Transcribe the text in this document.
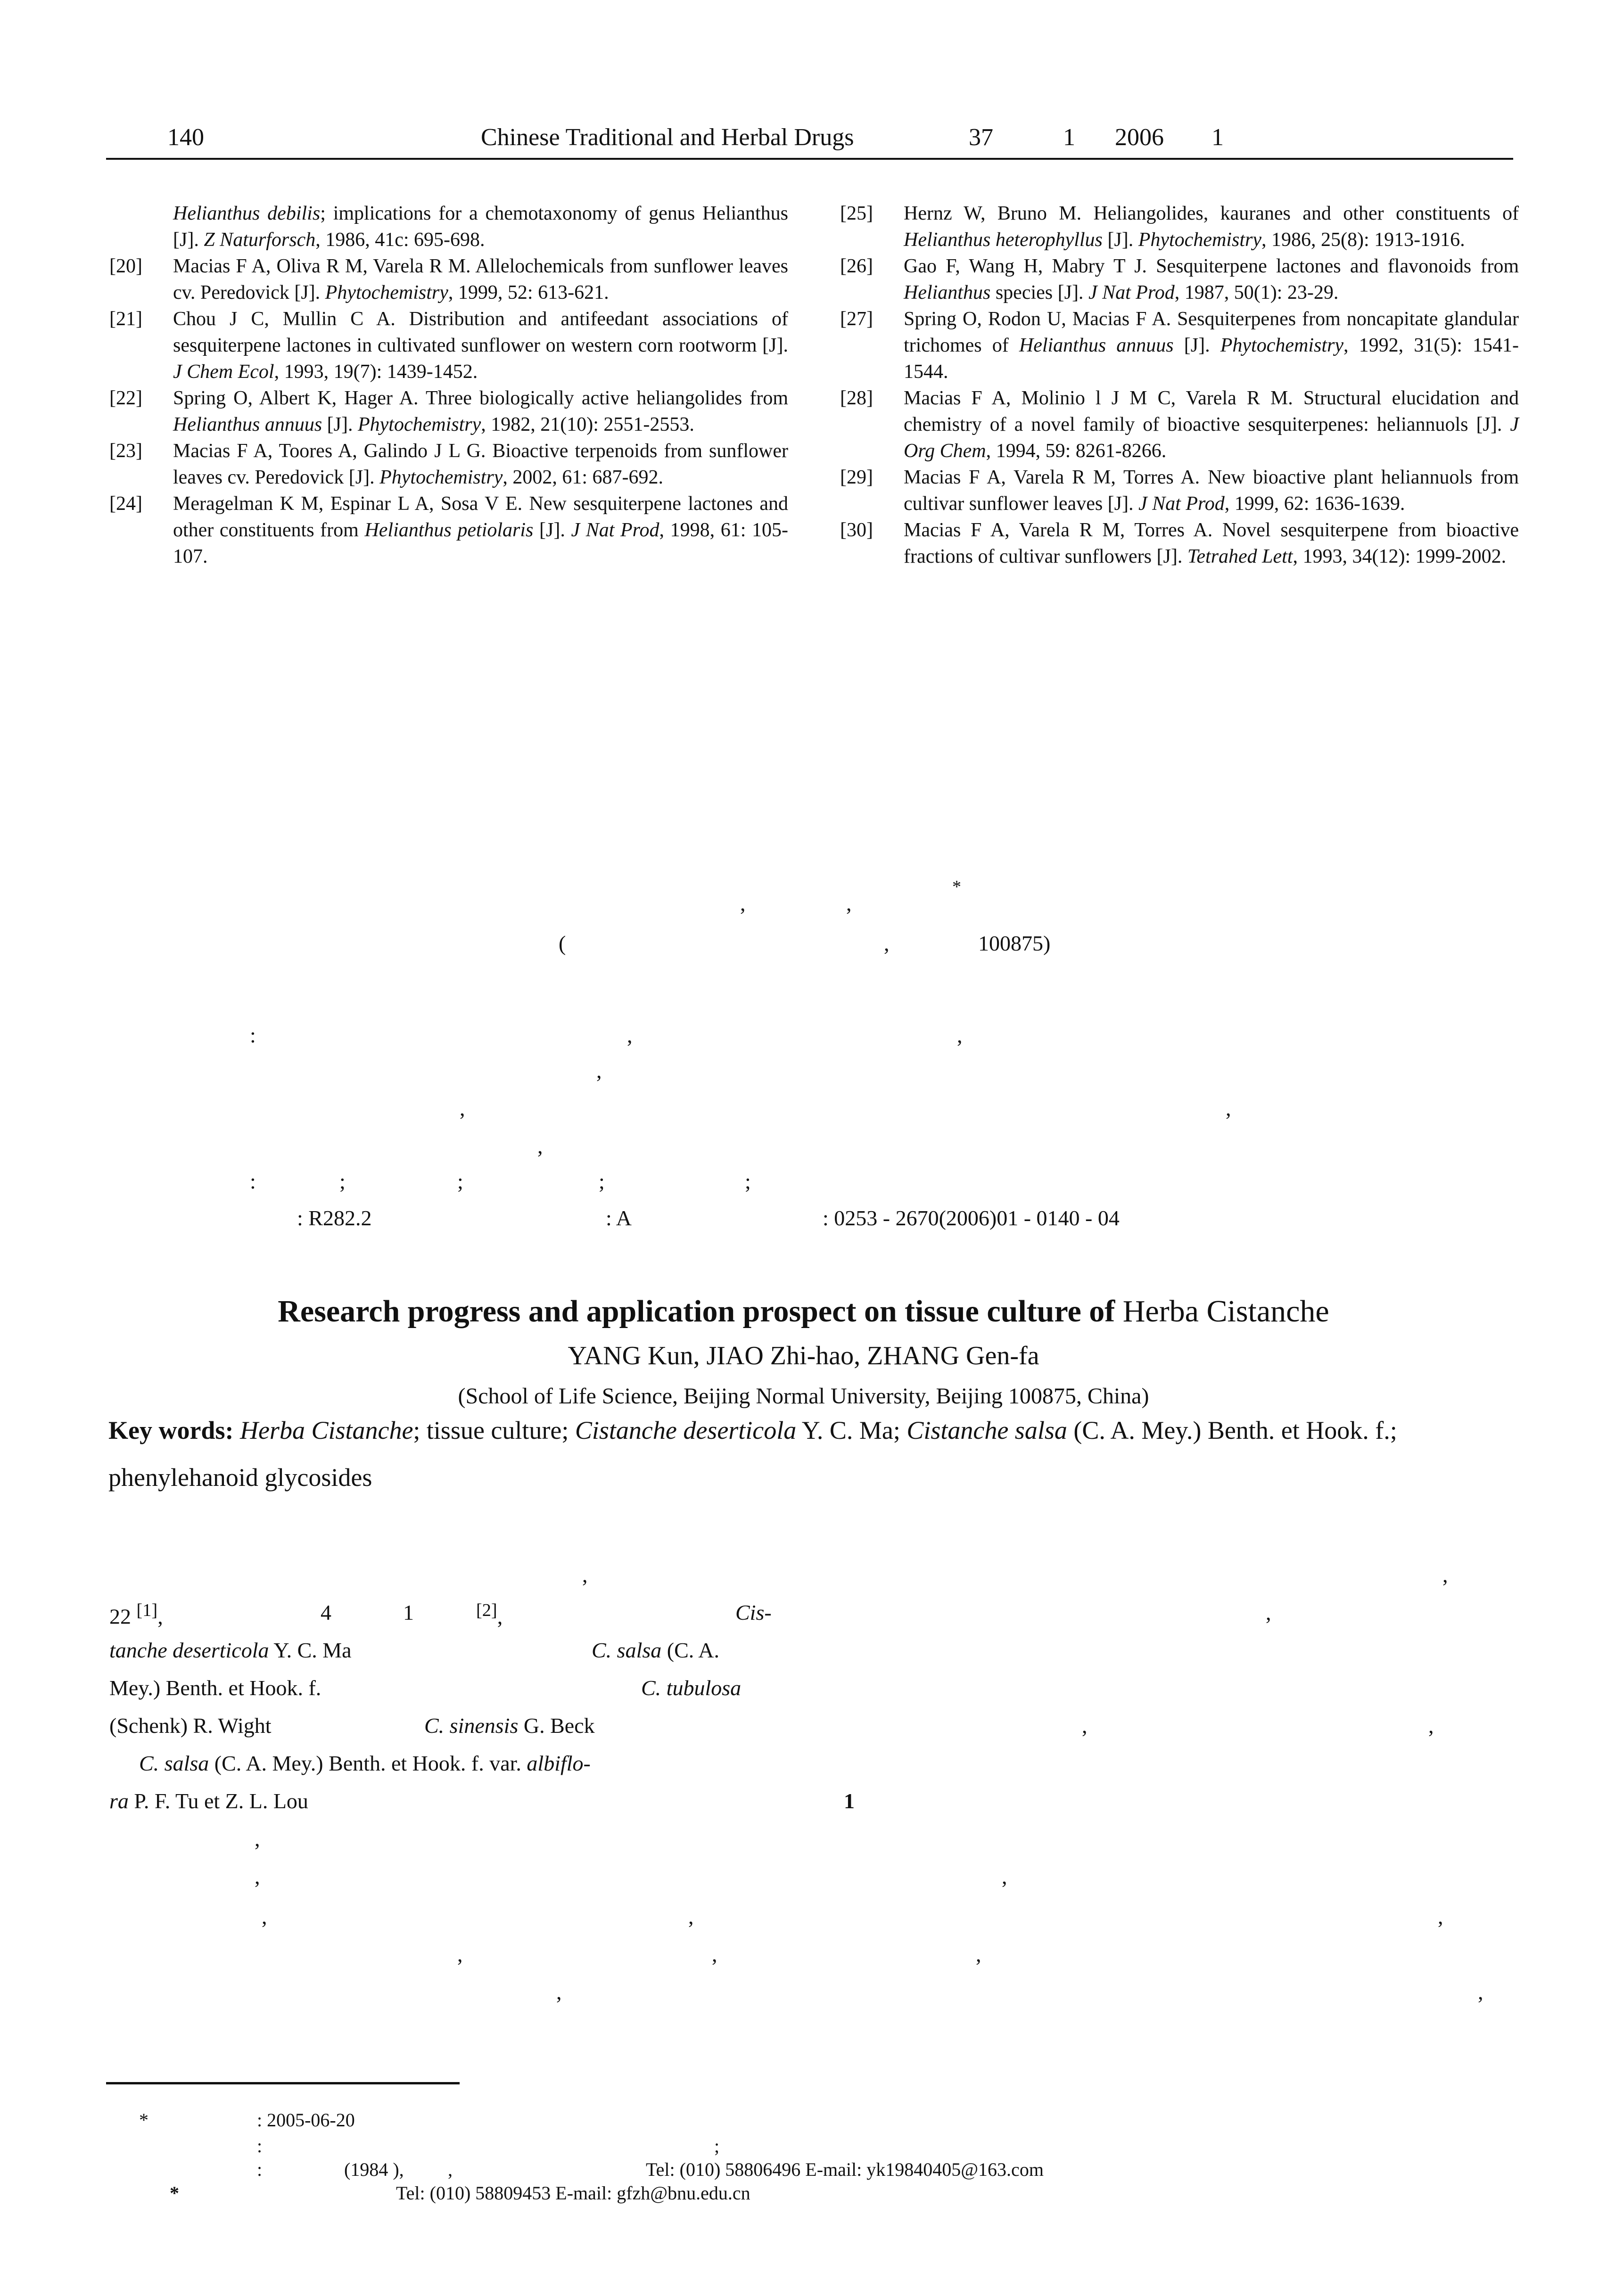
140	Chinese Traditional and Herbal Drugs	37	1 2006 1
Helianthus debilis; implications for a chemotaxonomy of genus Helianthus [J]. Z Naturforsch, 1986, 41c: 695-698.
[20]	Macias F A, Oliva R M, Varela R M. Allelochemicals from sunflower leaves cv. Peredovick [J]. Phytochemistry, 1999, 52: 613-621.
[21]	Chou J C, Mullin C A. Distribution and antifeedant associations of sesquiterpene lactones in cultivated sunflower on western corn rootworm [J]. J Chem Ecol, 1993, 19(7): 1439-1452.
[22]	Spring O, Albert K, Hager A. Three biologically active heliangolides from Helianthus annuus [J]. Phytochemistry, 1982, 21(10): 2551-2553.
[23]	Macias F A, Toores A, Galindo J L G. Bioactive terpenoids from sunflower leaves cv. Peredovick [J]. Phytochemistry, 2002, 61: 687-692.
[24]	Meragelman K M, Espinar L A, Sosa V E. New sesquiterpene lactones and other constituents from Helianthus petiolaris [J]. J Nat Prod, 1998, 61: 105-107.
[25]	Hernz W, Bruno M. Heliangolides, kauranes and other constituents of Helianthus heterophyllus [J]. Phytochemistry, 1986, 25(8): 1913-1916.
[26]	Gao F, Wang H, Mabry T J. Sesquiterpene lactones and flavonoids from Helianthus species [J]. J Nat Prod, 1987, 50(1): 23-29.
[27]	Spring O, Rodon U, Macias F A. Sesquiterpenes from noncapitate glandular trichomes of Helianthus annuus [J]. Phytochemistry, 1992, 31(5): 1541-1544.
[28]	Macias F A, Molinio l J M C, Varela R M. Structural elucidation and chemistry of a novel family of bioactive sesquiterpenes: heliannuols [J]. J Org Chem, 1994, 59: 8261-8266.
[29]	Macias F A, Varela R M, Torres A. New bioactive plant heliannuols from cultivar sunflower leaves [J]. J Nat Prod, 1999, 62: 1636-1639.
[30]	Macias F A, Varela R M, Torres A. Novel sesquiterpene from bioactive fractions of cultivar sunflowers [J]. Tetrahed Lett, 1993, 34(12): 1999-2002.
*
,	,
(	,	100875)
:	,	,
,
,	,
,
:	;	;	;	;
: R282.2	: A	: 0253 - 2670(2006)01 - 0140 - 04
Research progress and application prospect on tissue culture of Herba Cistanche
YANG Kun, JIAO Zhi-hao, ZHANG Gen-fa
(School of Life Science, Beijing Normal University, Beijing 100875, China)
Key words: Herba Cistanche; tissue culture; Cistanche deserticola Y. C. Ma; Cistanche salsa (C. A. Mey.) Benth. et Hook. f.; phenylehanoid glycosides
22 [1],	4	1	[2],	Cis-
tanche deserticola Y. C. Ma	C. salsa (C. A.
Mey.) Benth. et Hook. f.	C. tubulosa
(Schenk) R. Wight	C. sinensis G. Beck
C. salsa (C. A. Mey.) Benth. et Hook. f. var. albiflo-
ra P. F. Tu et Z. L. Lou	1
,	,
,
,	,
,
,	,
,	,	,
,	,	,
,	,
*	: 2005-06-20
:	;
:	(1984 ), ,	Tel: (010) 58806496 E-mail: yk19840405@163.com
*	Tel: (010) 58809453 E-mail: gfzh@bnu.edu.cn
